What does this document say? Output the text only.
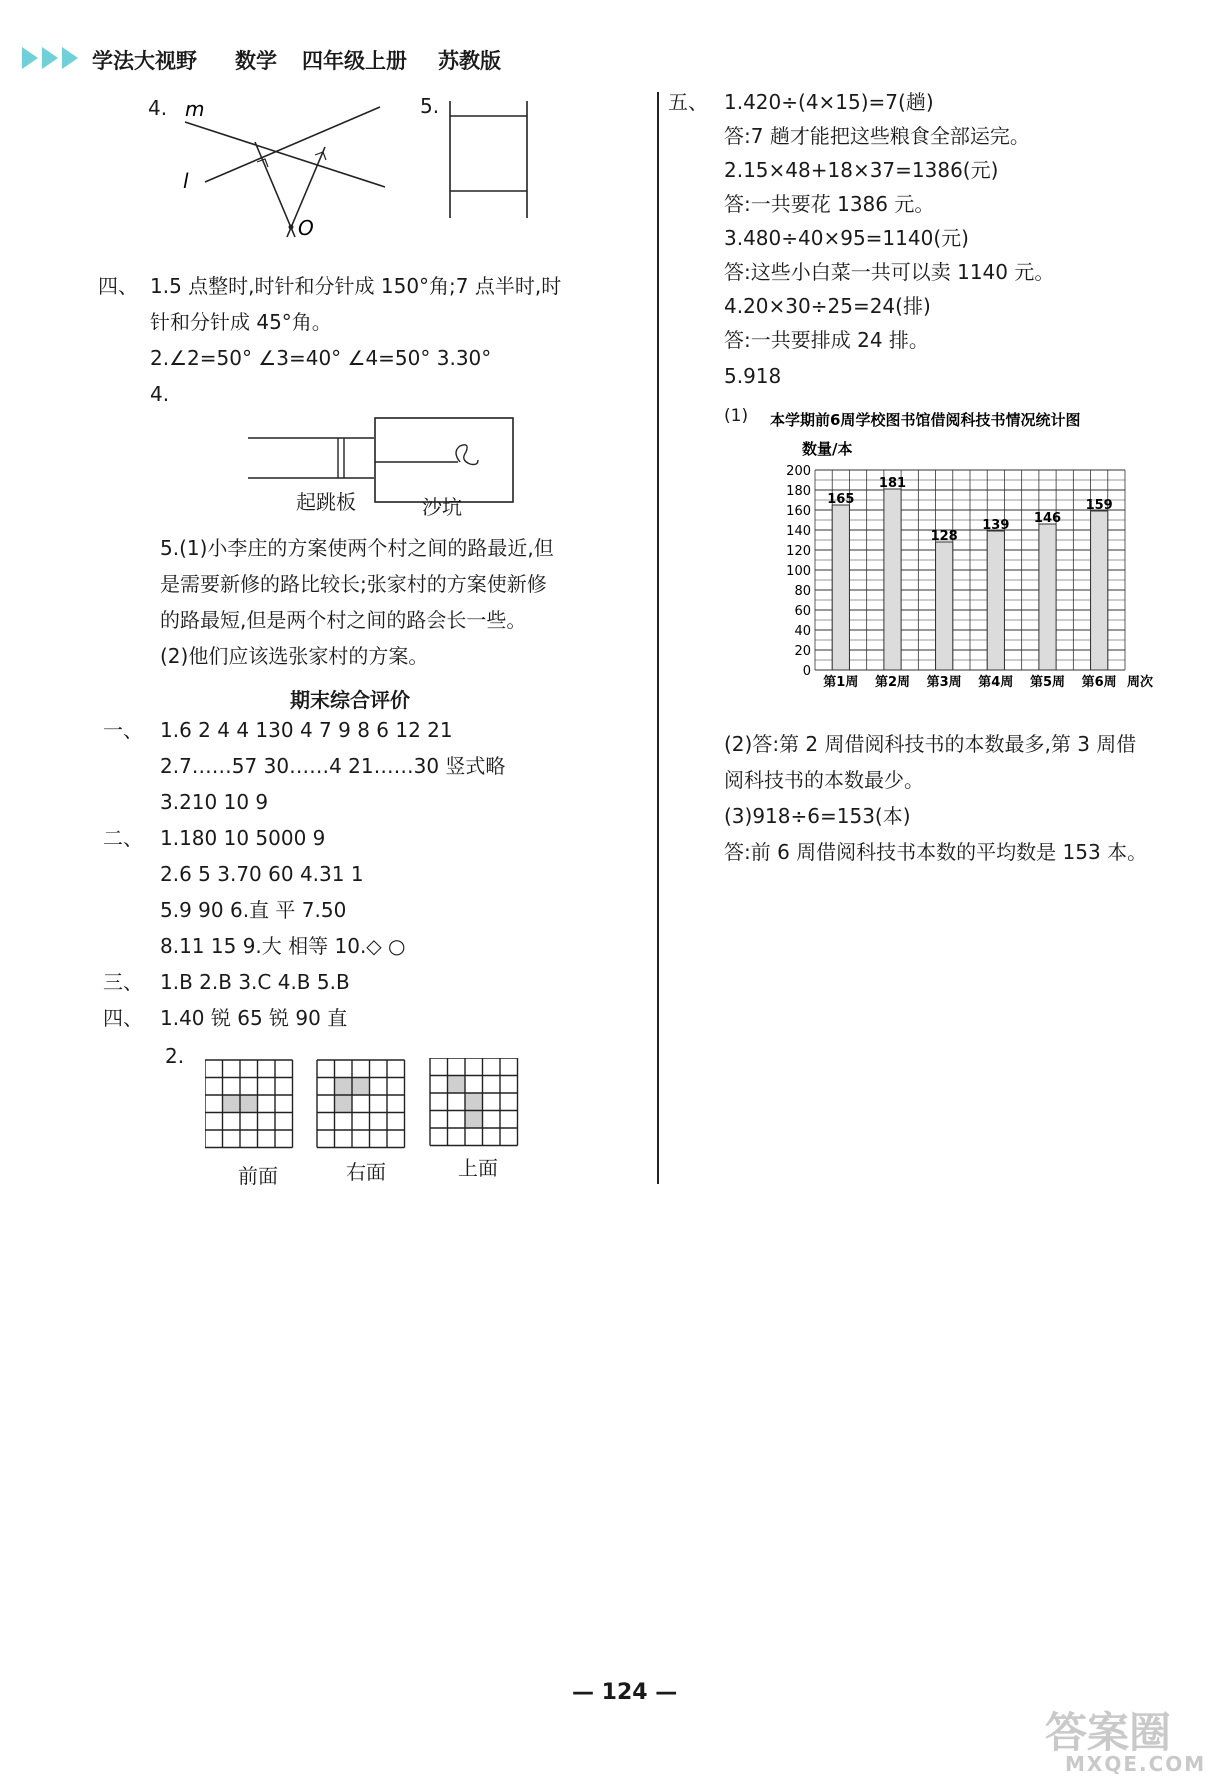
学法大视野 数学 四年级上册 苏教版
4. m
l
O
5.
四、 1.5 点整时,时针和分针成 150°角;7 点半时,时
针和分针成 45°角。
2.∠2=50° ∠3=40° ∠4=50° 3.30°
4.
起跳板	沙坑
5.(1)小李庄的方案使两个村之间的路最近,但
是需要新修的路比较长;张家村的方案使新修
的路最短,但是两个村之间的路会长一些。
(2)他们应该选张家村的方案。
期末综合评价
一、 1.6 2 4 4 130 4 7 9 8 6 12 21
2.7……57 30……4 21……30 竖式略
3.210 10 9
二、 1.180 10 5000 9
2.6 5 3.70 60 4.31 1
5.9 90 6.直 平 7.50
8.11 15 9.大 相等 10.◇ ○
三、 1.B 2.B 3.C 4.B 5.B
四、 1.40 锐 65 锐 90 直
2.
前面	右面	上面
五、 1.420÷(4×15)=7(趟)
答:7 趟才能把这些粮食全部运完。
2.15×48+18×37=1386(元)
答:一共要花 1386 元。
3.480÷40×95=1140(元)
答:这些小白菜一共可以卖 1140 元。
4.20×30÷25=24(排)
答:一共要排成 24 排。
5.918
(1) 本学期前6周学校图书馆借阅科技书情况统计图
数量/本
165
181
128
139 146
159
0
20
40
60
80
100
120
140
160
180
200
第1周 第2周 第3周 第4周 第5周 第6周 周次
(2)答:第 2 周借阅科技书的本数最多,第 3 周借
阅科技书的本数最少。
(3)918÷6=153(本)
答:前 6 周借阅科技书本数的平均数是 153 本。
— 124 —
答案圈
MXQE.COM
